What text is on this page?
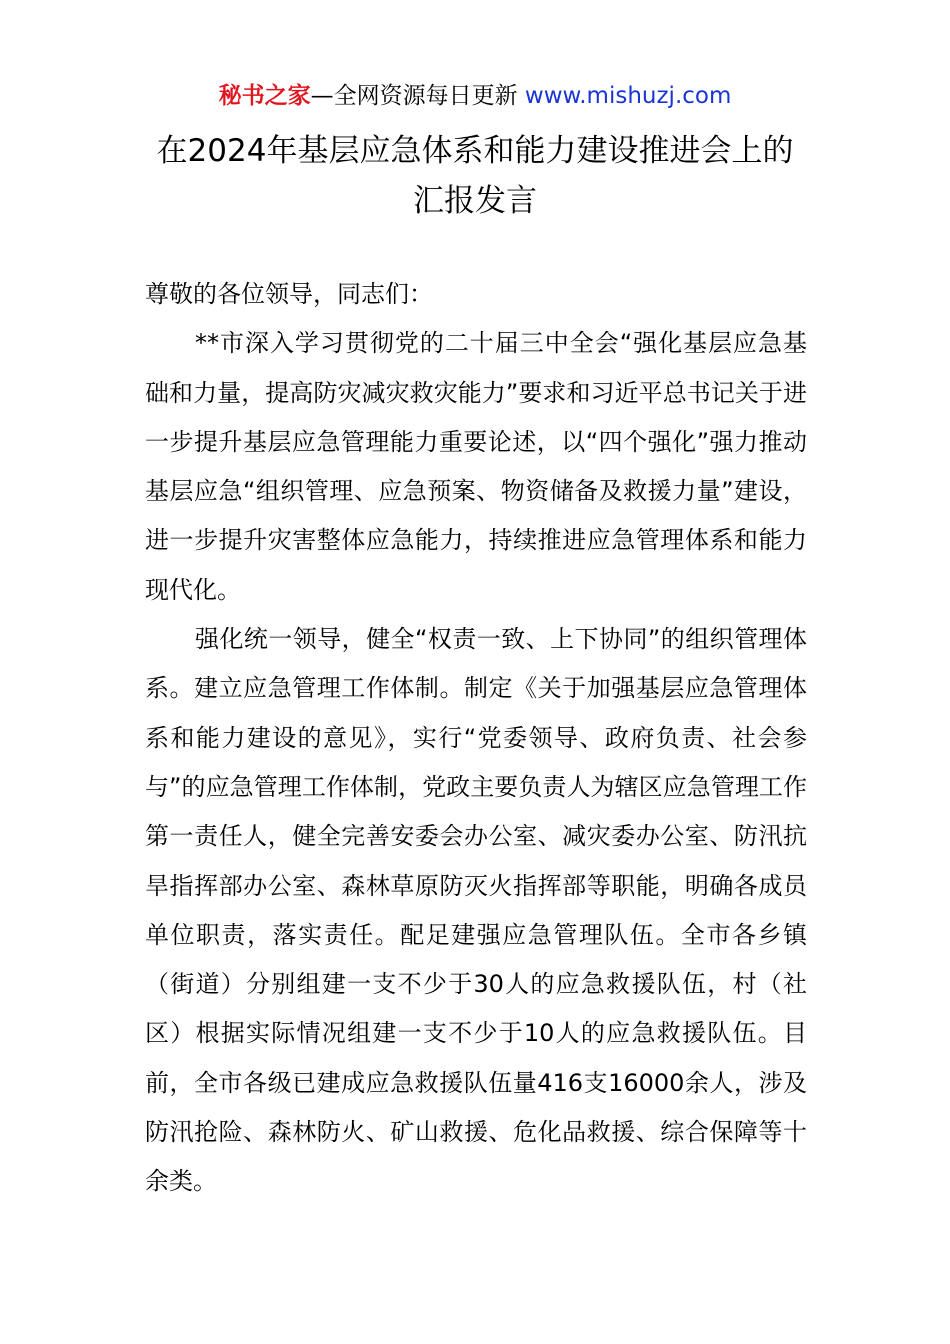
秘书之家—全网资源每日更新 www.mishuzj.com
在2024年基层应急体系和能力建设推进会上的
汇报发言

尊敬的各位领导，同志们：

**市深入学习贯彻党的二十届三中全会“强化基层应急基础和力量，提高防灾减灾救灾能力”要求和习近平总书记关于进一步提升基层应急管理能力重要论述，以“四个强化”强力推动基层应急“组织管理、应急预案、物资储备及救援力量”建设，进一步提升灾害整体应急能力，持续推进应急管理体系和能力现代化。

强化统一领导，健全“权责一致、上下协同”的组织管理体系。建立应急管理工作体制。制定《关于加强基层应急管理体系和能力建设的意见》，实行“党委领导、政府负责、社会参与”的应急管理工作体制，党政主要负责人为辖区应急管理工作第一责任人，健全完善安委会办公室、减灾委办公室、防汛抗旱指挥部办公室、森林草原防灭火指挥部等职能，明确各成员单位职责，落实责任。配足建强应急管理队伍。全市各乡镇（街道）分别组建一支不少于30人的应急救援队伍，村（社区）根据实际情况组建一支不少于10人的应急救援队伍。目前，全市各级已建成应急救援队伍量416支16000余人，涉及防汛抢险、森林防火、矿山救援、危化品救援、综合保障等十余类。
